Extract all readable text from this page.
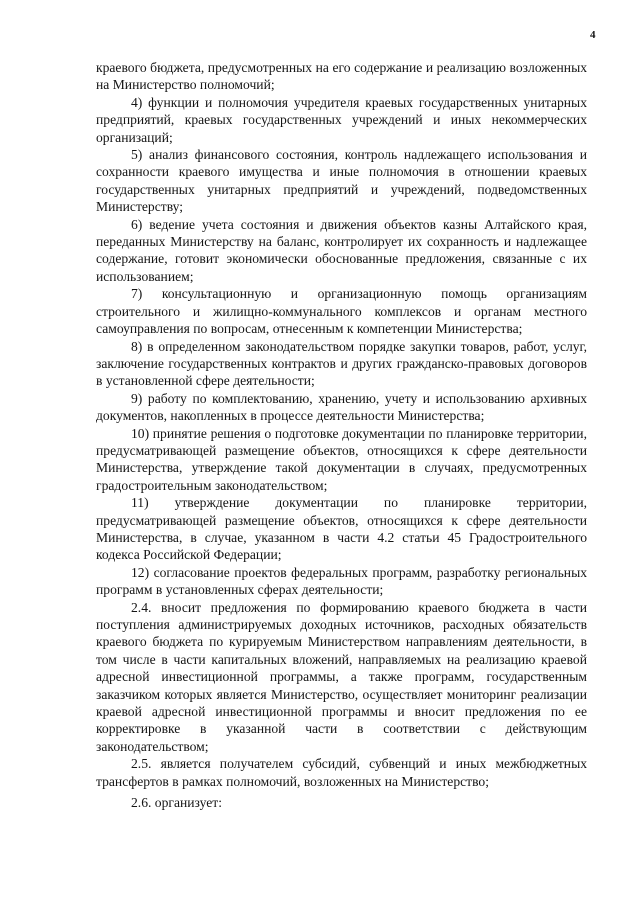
4

краевого бюджета, предусмотренных на его содержание и реализацию возложенных на Министерство полномочий;

4) функции и полномочия учредителя краевых государственных унитарных предприятий, краевых государственных учреждений и иных некоммерческих организаций;

5) анализ финансового состояния, контроль надлежащего использования и сохранности краевого имущества и иные полномочия в отношении краевых государственных унитарных предприятий и учреждений, подведомственных Министерству;

6) ведение учета состояния и движения объектов казны Алтайского края, переданных Министерству на баланс, контролирует их сохранность и надлежащее содержание, готовит экономически обоснованные предложения, связанные с их использованием;

7) консультационную и организационную помощь организациям строительного и жилищно-коммунального комплексов и органам местного самоуправления по вопросам, отнесенным к компетенции Министерства;

8) в определенном законодательством порядке закупки товаров, работ, услуг, заключение государственных контрактов и других гражданско-правовых договоров в установленной сфере деятельности;

9) работу по комплектованию, хранению, учету и использованию архивных документов, накопленных в процессе деятельности Министерства;

10) принятие решения о подготовке документации по планировке территории, предусматривающей размещение объектов, относящихся к сфере деятельности Министерства, утверждение такой документации в случаях, предусмотренных градостроительным законодательством;

11) утверждение документации по планировке территории, предусматривающей размещение объектов, относящихся к сфере деятельности Министерства, в случае, указанном в части 4.2 статьи 45 Градостроительного кодекса Российской Федерации;

12) согласование проектов федеральных программ, разработку региональных программ в установленных сферах деятельности;

2.4. вносит предложения по формированию краевого бюджета в части поступления администрируемых доходных источников, расходных обязательств краевого бюджета по курируемым Министерством направлениям деятельности, в том числе в части капитальных вложений, направляемых на реализацию краевой адресной инвестиционной программы, а также программ, государственным заказчиком которых является Министерство, осуществляет мониторинг реализации краевой адресной инвестиционной программы и вносит предложения по ее корректировке в указанной части в соответствии с действующим законодательством;

2.5. является получателем субсидий, субвенций и иных межбюджетных трансфертов в рамках полномочий, возложенных на Министерство;

2.6. организует:
